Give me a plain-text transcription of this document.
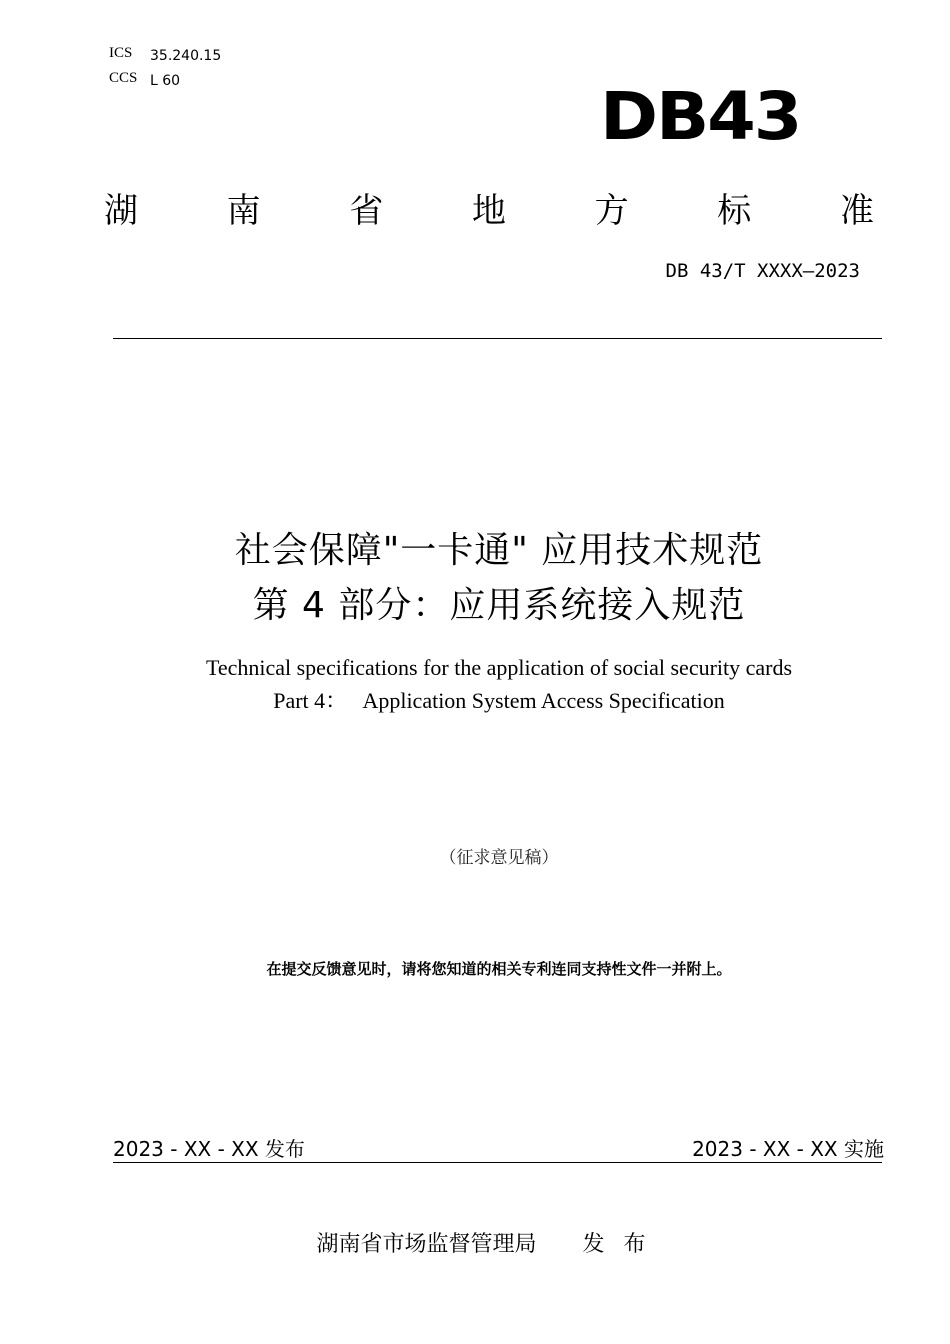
ICS 35.240.15
CCS L 60	DB43
湖	南	省	地	方	标	准
DB 43/T XXXX—2023
社会保障"一卡通" 应用技术规范
第 4 部分：应用系统接入规范
Technical specifications for the application of social security cards
Part 4：   Application System Access Specification
（征求意见稿）
在提交反馈意见时，请将您知道的相关专利连同支持性文件一并附上。
2023 - XX - XX 发布	2023 - XX - XX 实施
湖南省市场监督管理局 发 布
